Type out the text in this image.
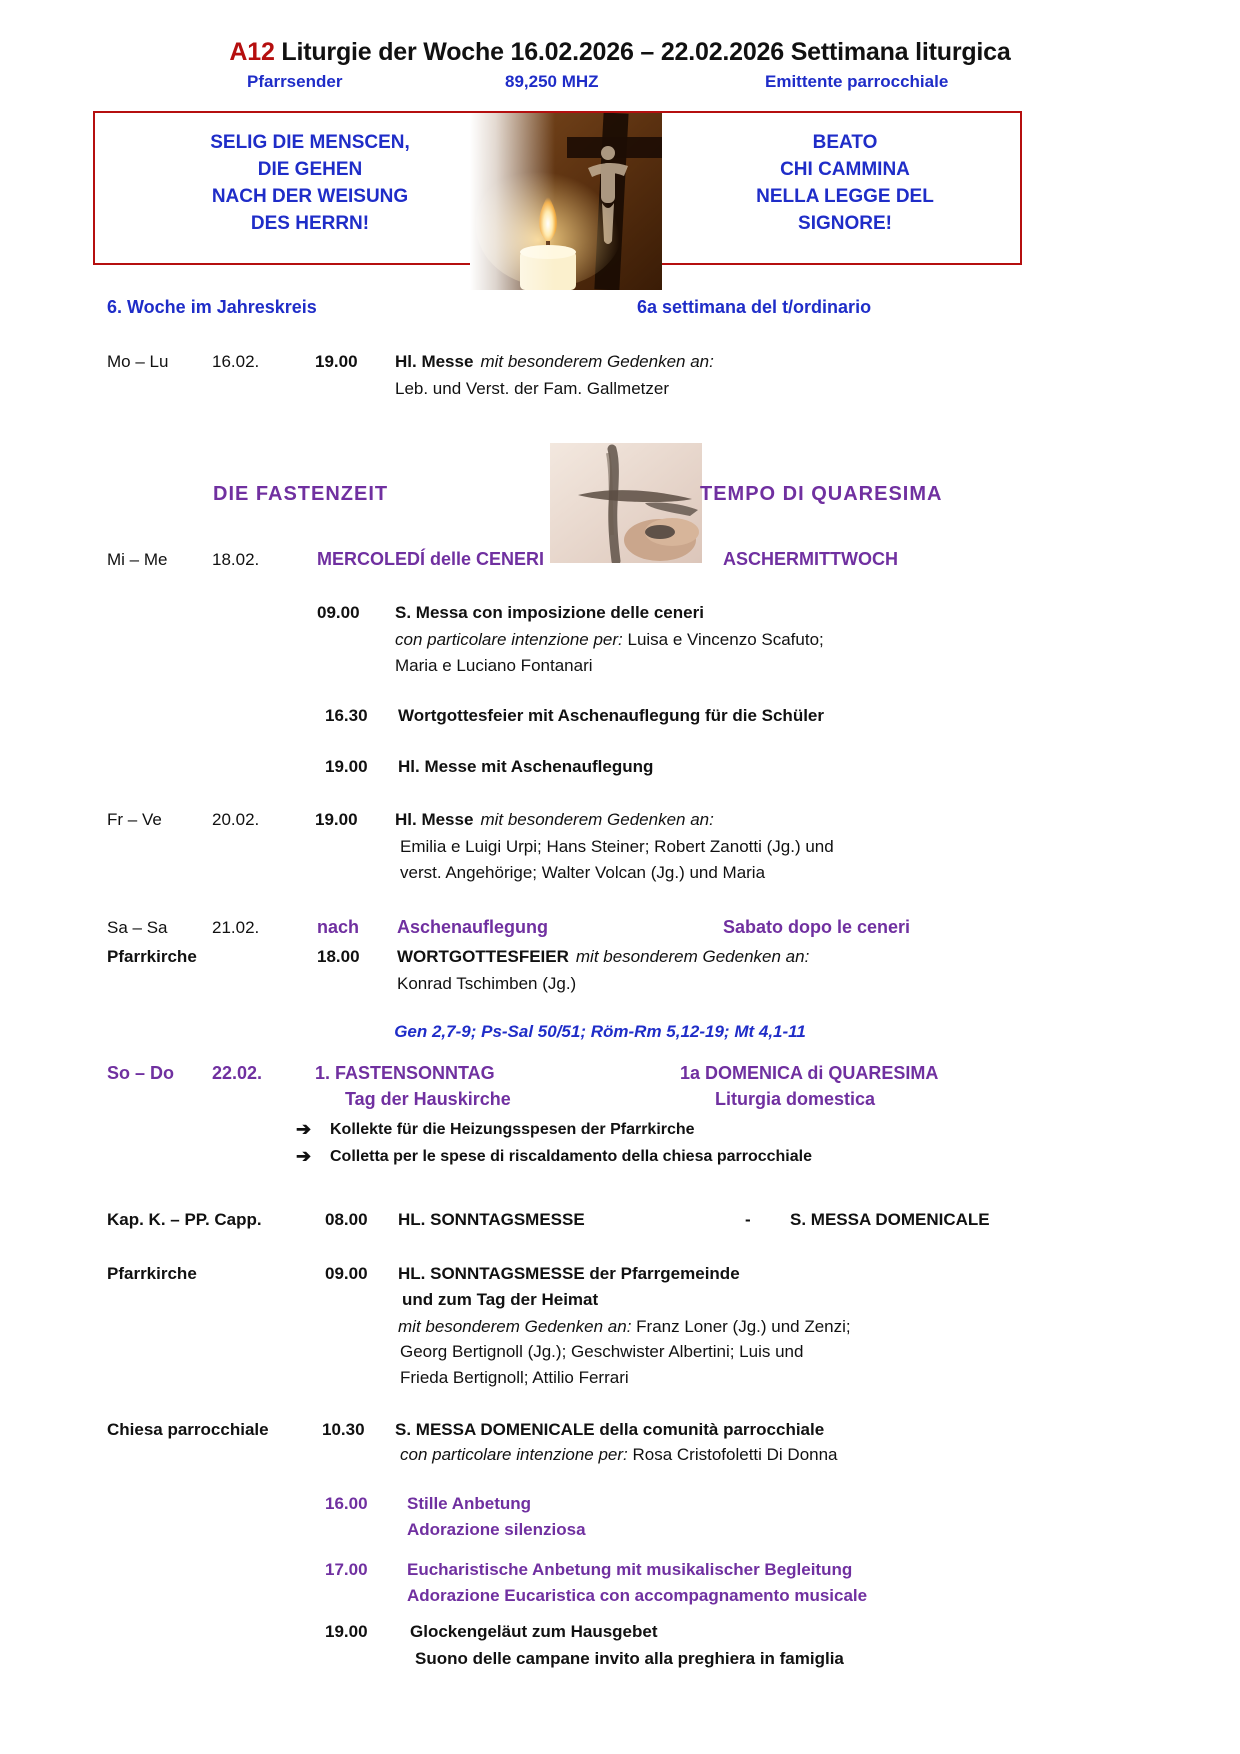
A12 Liturgie der Woche 16.02.2026 – 22.02.2026 Settimana liturgica
Pfarrsender	89,250 MHZ	Emittente parrocchiale
SELIG DIE MENSCEN,
DIE GEHEN
NACH DER WEISUNG
DES HERRN!
BEATO
CHI CAMMINA
NELLA LEGGE DEL
SIGNORE!
6. Woche im Jahreskreis	6a settimana del t/ordinario
Mo – Lu	16.02.	19.00 Hl. Messe mit besonderem Gedenken an:
Leb. und Verst. der Fam. Gallmetzer
DIE FASTENZEIT	TEMPO DI QUARESIMA
Mi – Me	18.02.	MERCOLEDÍ delle CENERI	ASCHERMITTWOCH
09.00 S. Messa con imposizione delle ceneri
con particolare intenzione per: Luisa e Vincenzo Scafuto;
Maria e Luciano Fontanari
16.30 Wortgottesfeier mit Aschenauflegung für die Schüler
19.00 Hl. Messe mit Aschenauflegung
Fr – Ve	20.02.	19.00 Hl. Messe mit besonderem Gedenken an:
Emilia e Luigi Urpi; Hans Steiner; Robert Zanotti (Jg.) und
verst. Angehörige; Walter Volcan (Jg.) und Maria
Sa – Sa	21.02.	nach Aschenauflegung	Sabato dopo le ceneri
Pfarrkirche	18.00 WORTGOTTESFEIER mit besonderem Gedenken an:
Konrad Tschimben (Jg.)
Gen 2,7-9; Ps-Sal 50/51; Röm-Rm 5,12-19; Mt 4,1-11
So – Do 22.02.	1. FASTENSONNTAG	1a DOMENICA di QUARESIMA
Tag der Hauskirche	Liturgia domestica
➔ Kollekte für die Heizungsspesen der Pfarrkirche
➔ Colletta per le spese di riscaldamento della chiesa parrocchiale
Kap. K. – PP. Capp.	08.00 HL. SONNTAGSMESSE	- S. MESSA DOMENICALE
Pfarrkirche	09.00 HL. SONNTAGSMESSE der Pfarrgemeinde
und zum Tag der Heimat
mit besonderem Gedenken an: Franz Loner (Jg.) und Zenzi;
Georg Bertignoll (Jg.); Geschwister Albertini; Luis und
Frieda Bertignoll; Attilio Ferrari
Chiesa parrocchiale	10.30 S. MESSA DOMENICALE della comunità parrocchiale
con particolare intenzione per: Rosa Cristofoletti Di Donna
16.00 Stille Anbetung
Adorazione silenziosa
17.00 Eucharistische Anbetung mit musikalischer Begleitung
Adorazione Eucaristica con accompagnamento musicale
19.00 Glockengeläut zum Hausgebet
Suono delle campane invito alla preghiera in famiglia
